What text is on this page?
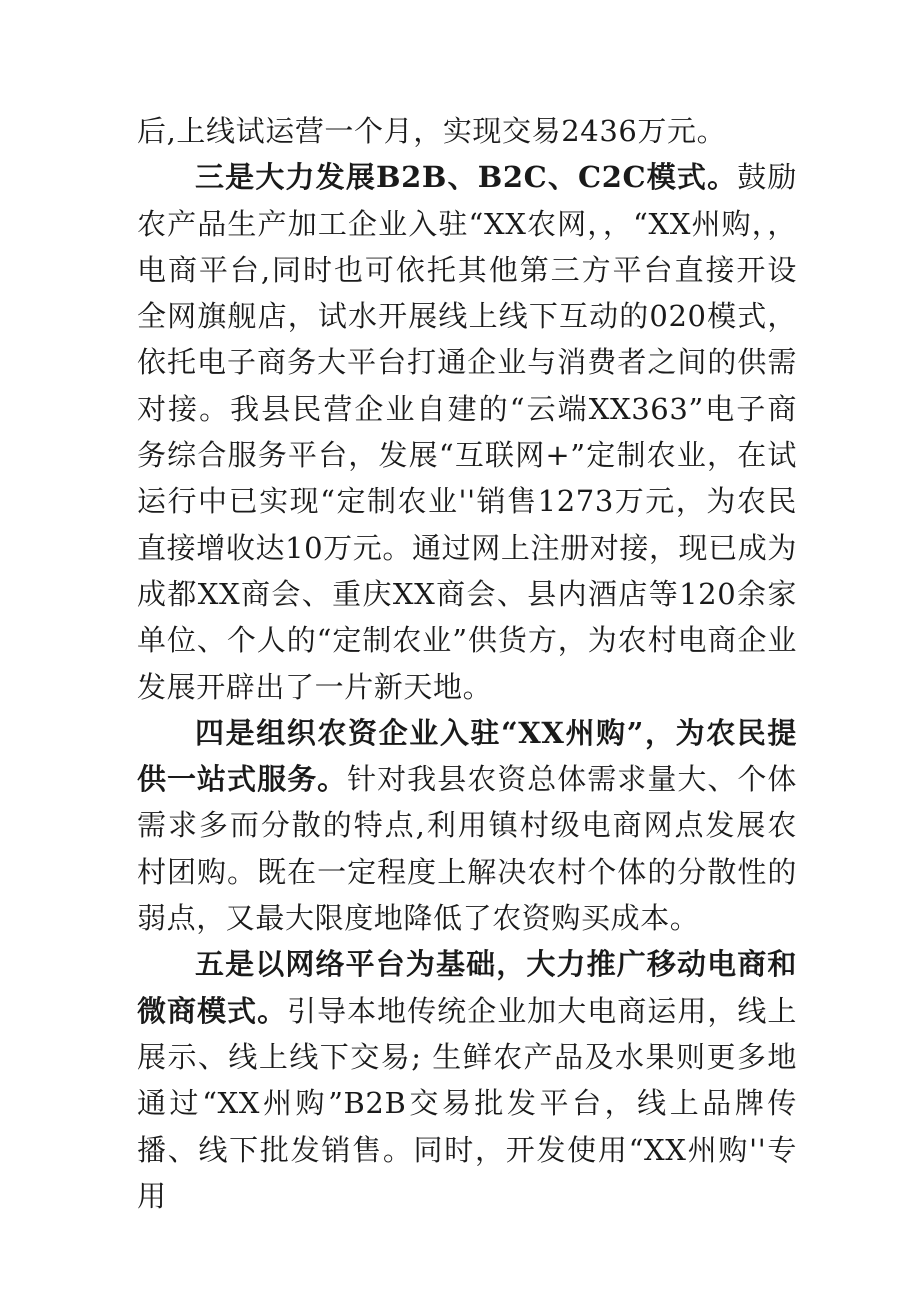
后,上线试运营一个月，实现交易2436万元。

三是大力发展B2B、B2C、C2C模式。鼓励农产品生产加工企业入驻“XX农网，，“XX州购，，电商平台,同时也可依托其他第三方平台直接开设全网旗舰店，试水开展线上线下互动的020模式，依托电子商务大平台打通企业与消费者之间的供需对接。我县民营企业自建的“云端XX363”电子商务综合服务平台，发展“互联网+”定制农业，在试运行中已实现“定制农业''销售1273万元，为农民直接增收达10万元。通过网上注册对接，现已成为成都XX商会、重庆XX商会、县内酒店等120余家单位、个人的“定制农业”供货方，为农村电商企业发展开辟出了一片新天地。

四是组织农资企业入驻“XX州购”，为农民提供一站式服务。针对我县农资总体需求量大、个体需求多而分散的特点,利用镇村级电商网点发展农村团购。既在一定程度上解决农村个体的分散性的弱点，又最大限度地降低了农资购买成本。

五是以网络平台为基础，大力推广移动电商和微商模式。引导本地传统企业加大电商运用，线上展示、线上线下交易; 生鲜农产品及水果则更多地通过“XX州购”B2B交易批发平台，线上品牌传播、线下批发销售。同时，开发使用“XX州购''专用
